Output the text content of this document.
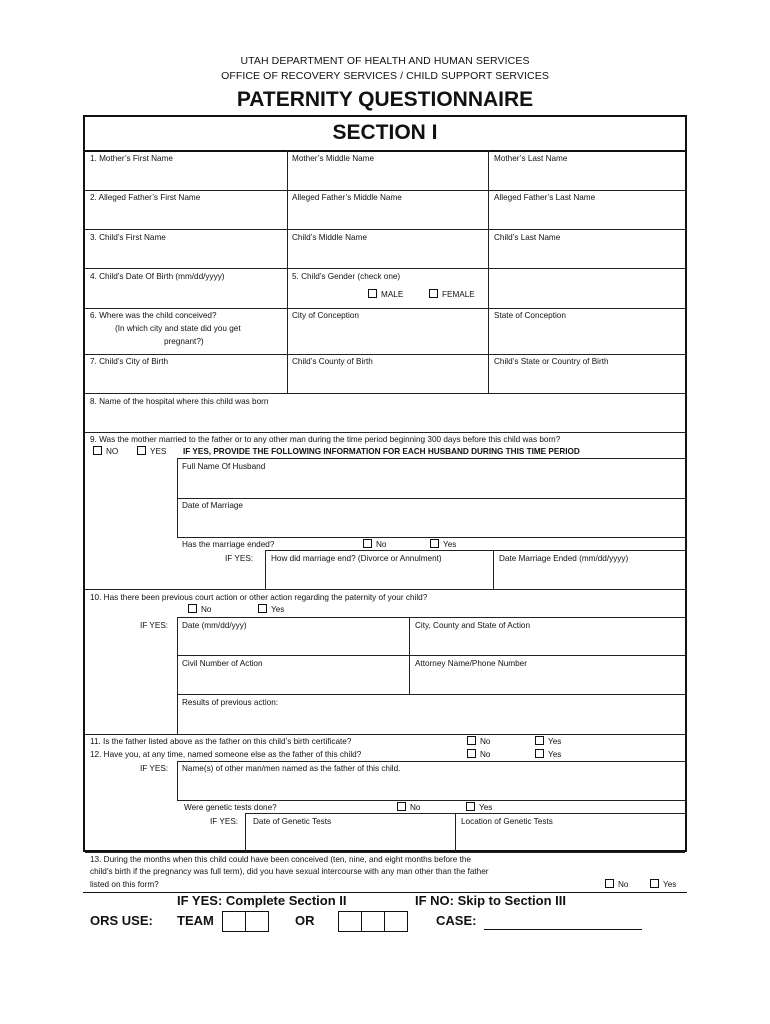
UTAH DEPARTMENT OF HEALTH AND HUMAN SERVICES
OFFICE OF RECOVERY SERVICES / CHILD SUPPORT SERVICES
PATERNITY QUESTIONNAIRE
SECTION I
1. Mother’s First Name	Mother’s Middle Name	Mother’s Last Name
2. Alleged Father’s First Name	Alleged Father’s Middle Name	Alleged Father’s Last Name
3. Child’s First Name	Child’s Middle Name	Child’s Last Name
4. Child’s Date Of Birth (mm/dd/yyyy)	5. Child’s Gender (check one)
MALE	FEMALE
6. Where was the child conceived?
(In which city and state did you get
pregnant?)
City of Conception	State of Conception
7. Child’s City of Birth	Child’s County of Birth	Child’s State or Country of Birth
8. Name of the hospital where this child was born
9. Was the mother married to the father or to any other man during the time period beginning 300 days before this child was born?
NO	YES IF YES, PROVIDE THE FOLLOWING INFORMATION FOR EACH HUSBAND DURING THIS TIME PERIOD
Full Name Of Husband
Date of Marriage
Has the marriage ended?	No	Yes
IF YES: How did marriage end? (Divorce or Annulment)	Date Marriage Ended (mm/dd/yyyy)
10. Has there been previous court action or other action regarding the paternity of your child?
No	Yes
IF YES: Date (mm/dd/yyy)	City, County and State of Action
Civil Number of Action	Attorney Name/Phone Number
Results of previous action:
11. Is the father listed above as the father on this child’s birth certificate?	No	Yes
12. Have you, at any time, named someone else as the father of this child?	No	Yes
IF YES: Name(s) of other man/men named as the father of this child.
Were genetic tests done?	No	Yes
IF YES: Date of Genetic Tests	Location of Genetic Tests
13. During the months when this child could have been conceived (ten, nine, and eight months before the
child’s birth if the pregnancy was full term), did you have sexual intercourse with any man other than the father
listed on this form?	No	Yes
IF YES: Complete Section II	IF NO: Skip to Section III
ORS USE: TEAM	OR	CASE:
